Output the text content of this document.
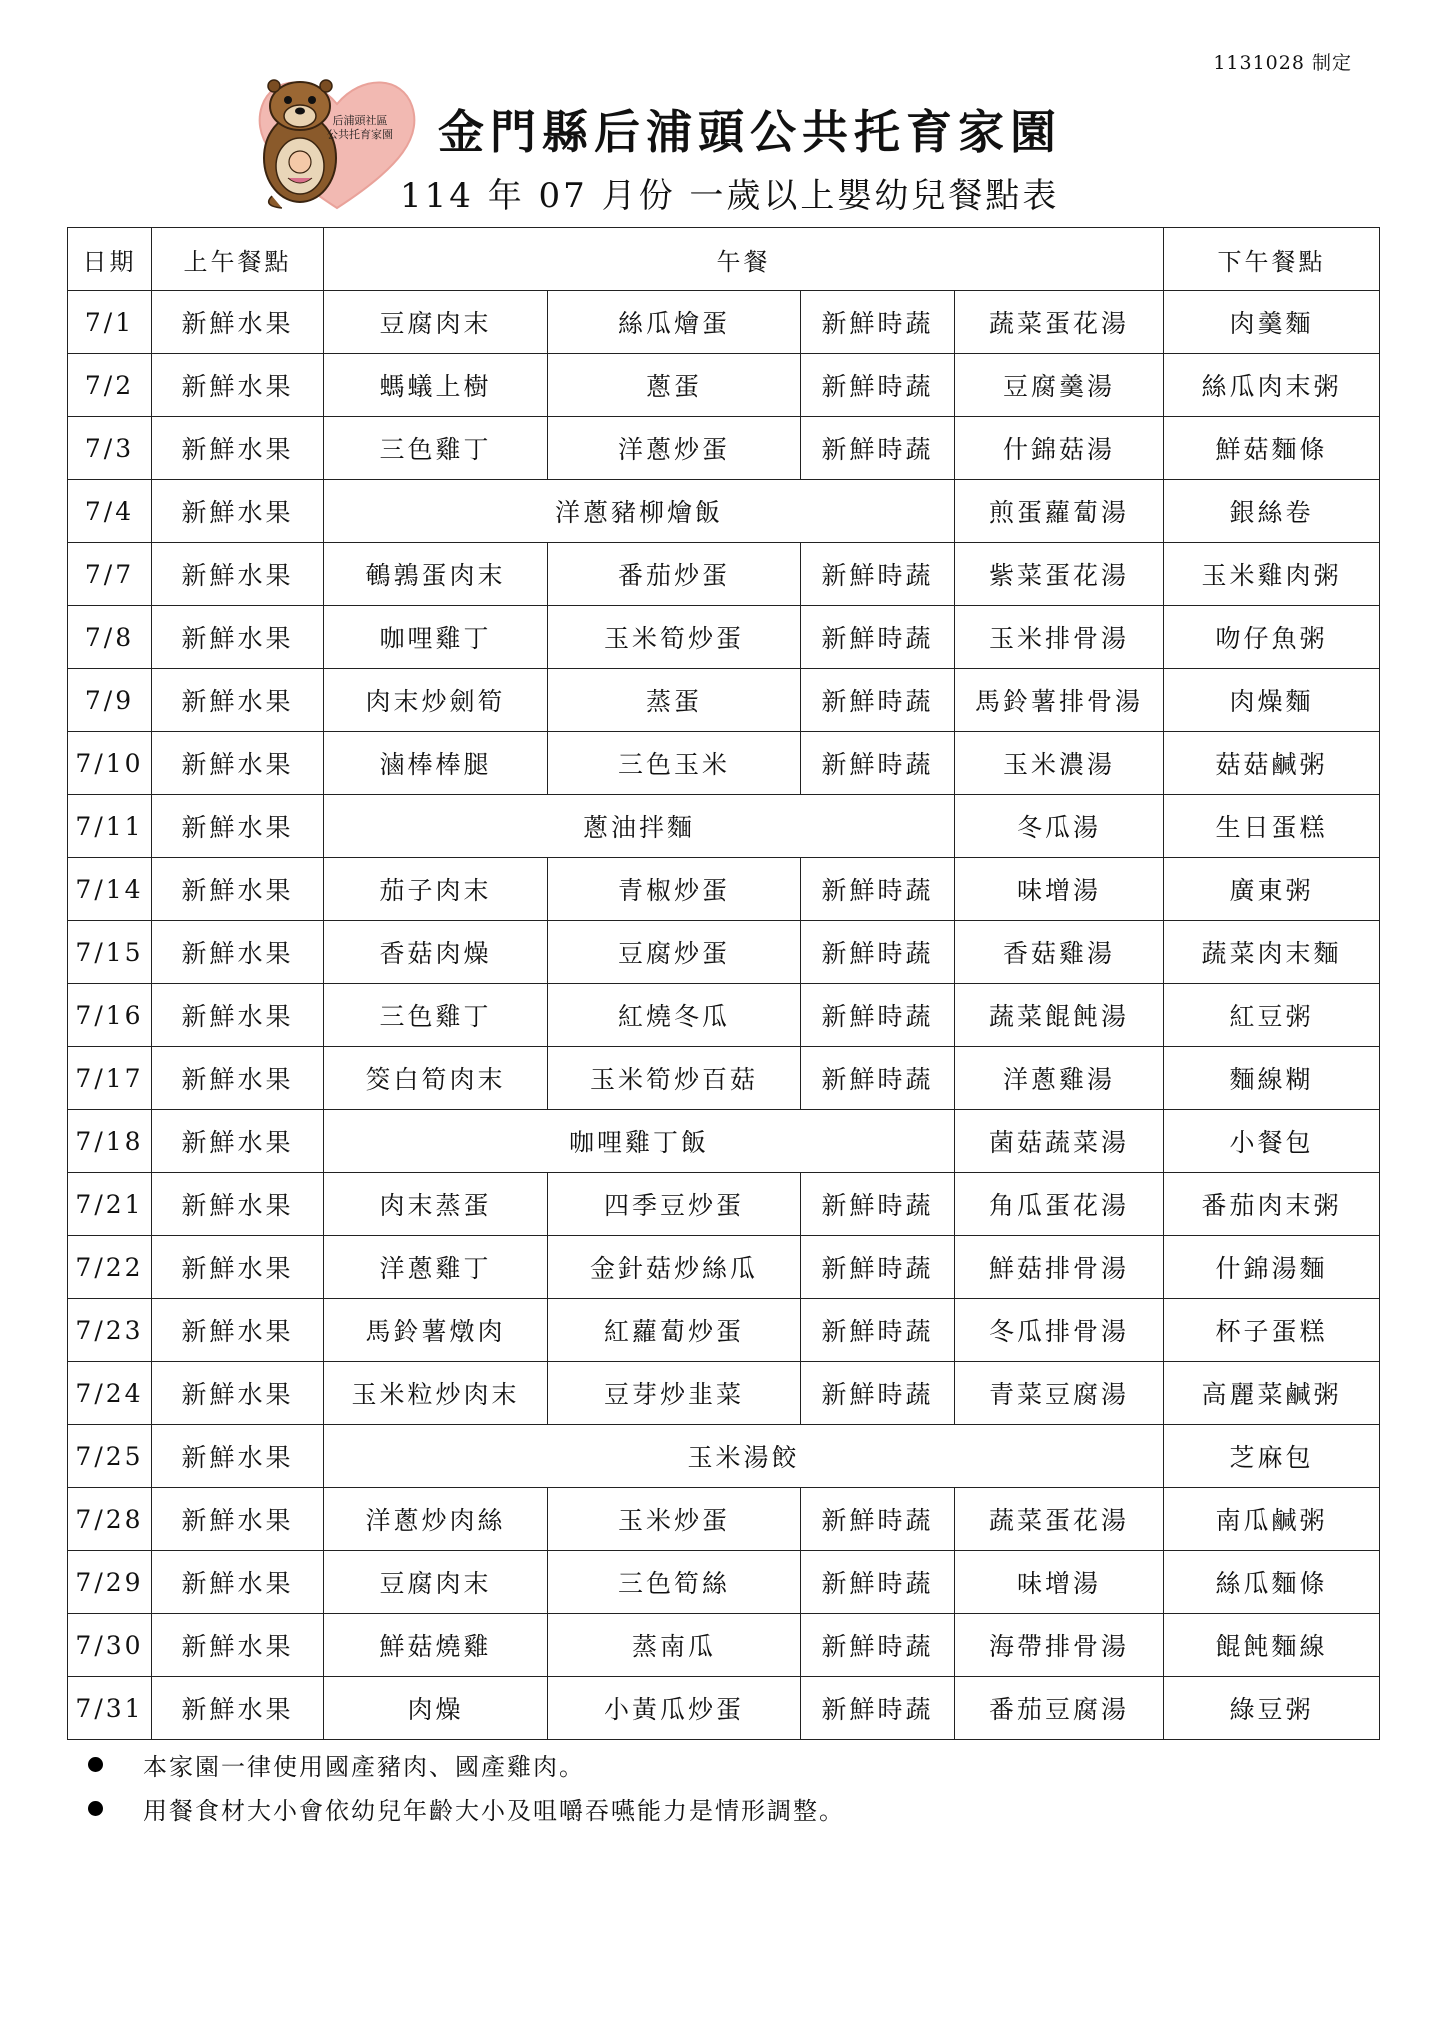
1131028 制定
后浦頭社區
公共托育家園 金門縣后浦頭公共托育家園
114 年 07 月份 一歲以上嬰幼兒餐點表
日期	上午餐點	午餐				下午餐點
7/1	新鮮水果	豆腐肉末	絲瓜燴蛋	新鮮時蔬	蔬菜蛋花湯	肉羹麵
7/2	新鮮水果	螞蟻上樹	蔥蛋	新鮮時蔬	豆腐羹湯	絲瓜肉末粥
7/3	新鮮水果	三色雞丁	洋蔥炒蛋	新鮮時蔬	什錦菇湯	鮮菇麵條
7/4	新鮮水果	洋蔥豬柳燴飯			煎蛋蘿蔔湯	銀絲卷
7/7	新鮮水果	鵪鶉蛋肉末	番茄炒蛋	新鮮時蔬	紫菜蛋花湯	玉米雞肉粥
7/8	新鮮水果	咖哩雞丁	玉米筍炒蛋	新鮮時蔬	玉米排骨湯	吻仔魚粥
7/9	新鮮水果	肉末炒劍筍	蒸蛋	新鮮時蔬	馬鈴薯排骨湯	肉燥麵
7/10	新鮮水果	滷棒棒腿	三色玉米	新鮮時蔬	玉米濃湯	菇菇鹹粥
7/11	新鮮水果	蔥油拌麵			冬瓜湯	生日蛋糕
7/14	新鮮水果	茄子肉末	青椒炒蛋	新鮮時蔬	味增湯	廣東粥
7/15	新鮮水果	香菇肉燥	豆腐炒蛋	新鮮時蔬	香菇雞湯	蔬菜肉末麵
7/16	新鮮水果	三色雞丁	紅燒冬瓜	新鮮時蔬	蔬菜餛飩湯	紅豆粥
7/17	新鮮水果	筊白筍肉末	玉米筍炒百菇	新鮮時蔬	洋蔥雞湯	麵線糊
7/18	新鮮水果	咖哩雞丁飯			菌菇蔬菜湯	小餐包
7/21	新鮮水果	肉末蒸蛋	四季豆炒蛋	新鮮時蔬	角瓜蛋花湯	番茄肉末粥
7/22	新鮮水果	洋蔥雞丁	金針菇炒絲瓜	新鮮時蔬	鮮菇排骨湯	什錦湯麵
7/23	新鮮水果	馬鈴薯燉肉	紅蘿蔔炒蛋	新鮮時蔬	冬瓜排骨湯	杯子蛋糕
7/24	新鮮水果	玉米粒炒肉末	豆芽炒韭菜	新鮮時蔬	青菜豆腐湯	高麗菜鹹粥
7/25	新鮮水果	玉米湯餃				芝麻包
7/28	新鮮水果	洋蔥炒肉絲	玉米炒蛋	新鮮時蔬	蔬菜蛋花湯	南瓜鹹粥
7/29	新鮮水果	豆腐肉末	三色筍絲	新鮮時蔬	味增湯	絲瓜麵條
7/30	新鮮水果	鮮菇燒雞	蒸南瓜	新鮮時蔬	海帶排骨湯	餛飩麵線
7/31	新鮮水果	肉燥	小黃瓜炒蛋	新鮮時蔬	番茄豆腐湯	綠豆粥
本家園一律使用國產豬肉、國產雞肉。
用餐食材大小會依幼兒年齡大小及咀嚼吞嚥能力是情形調整。
